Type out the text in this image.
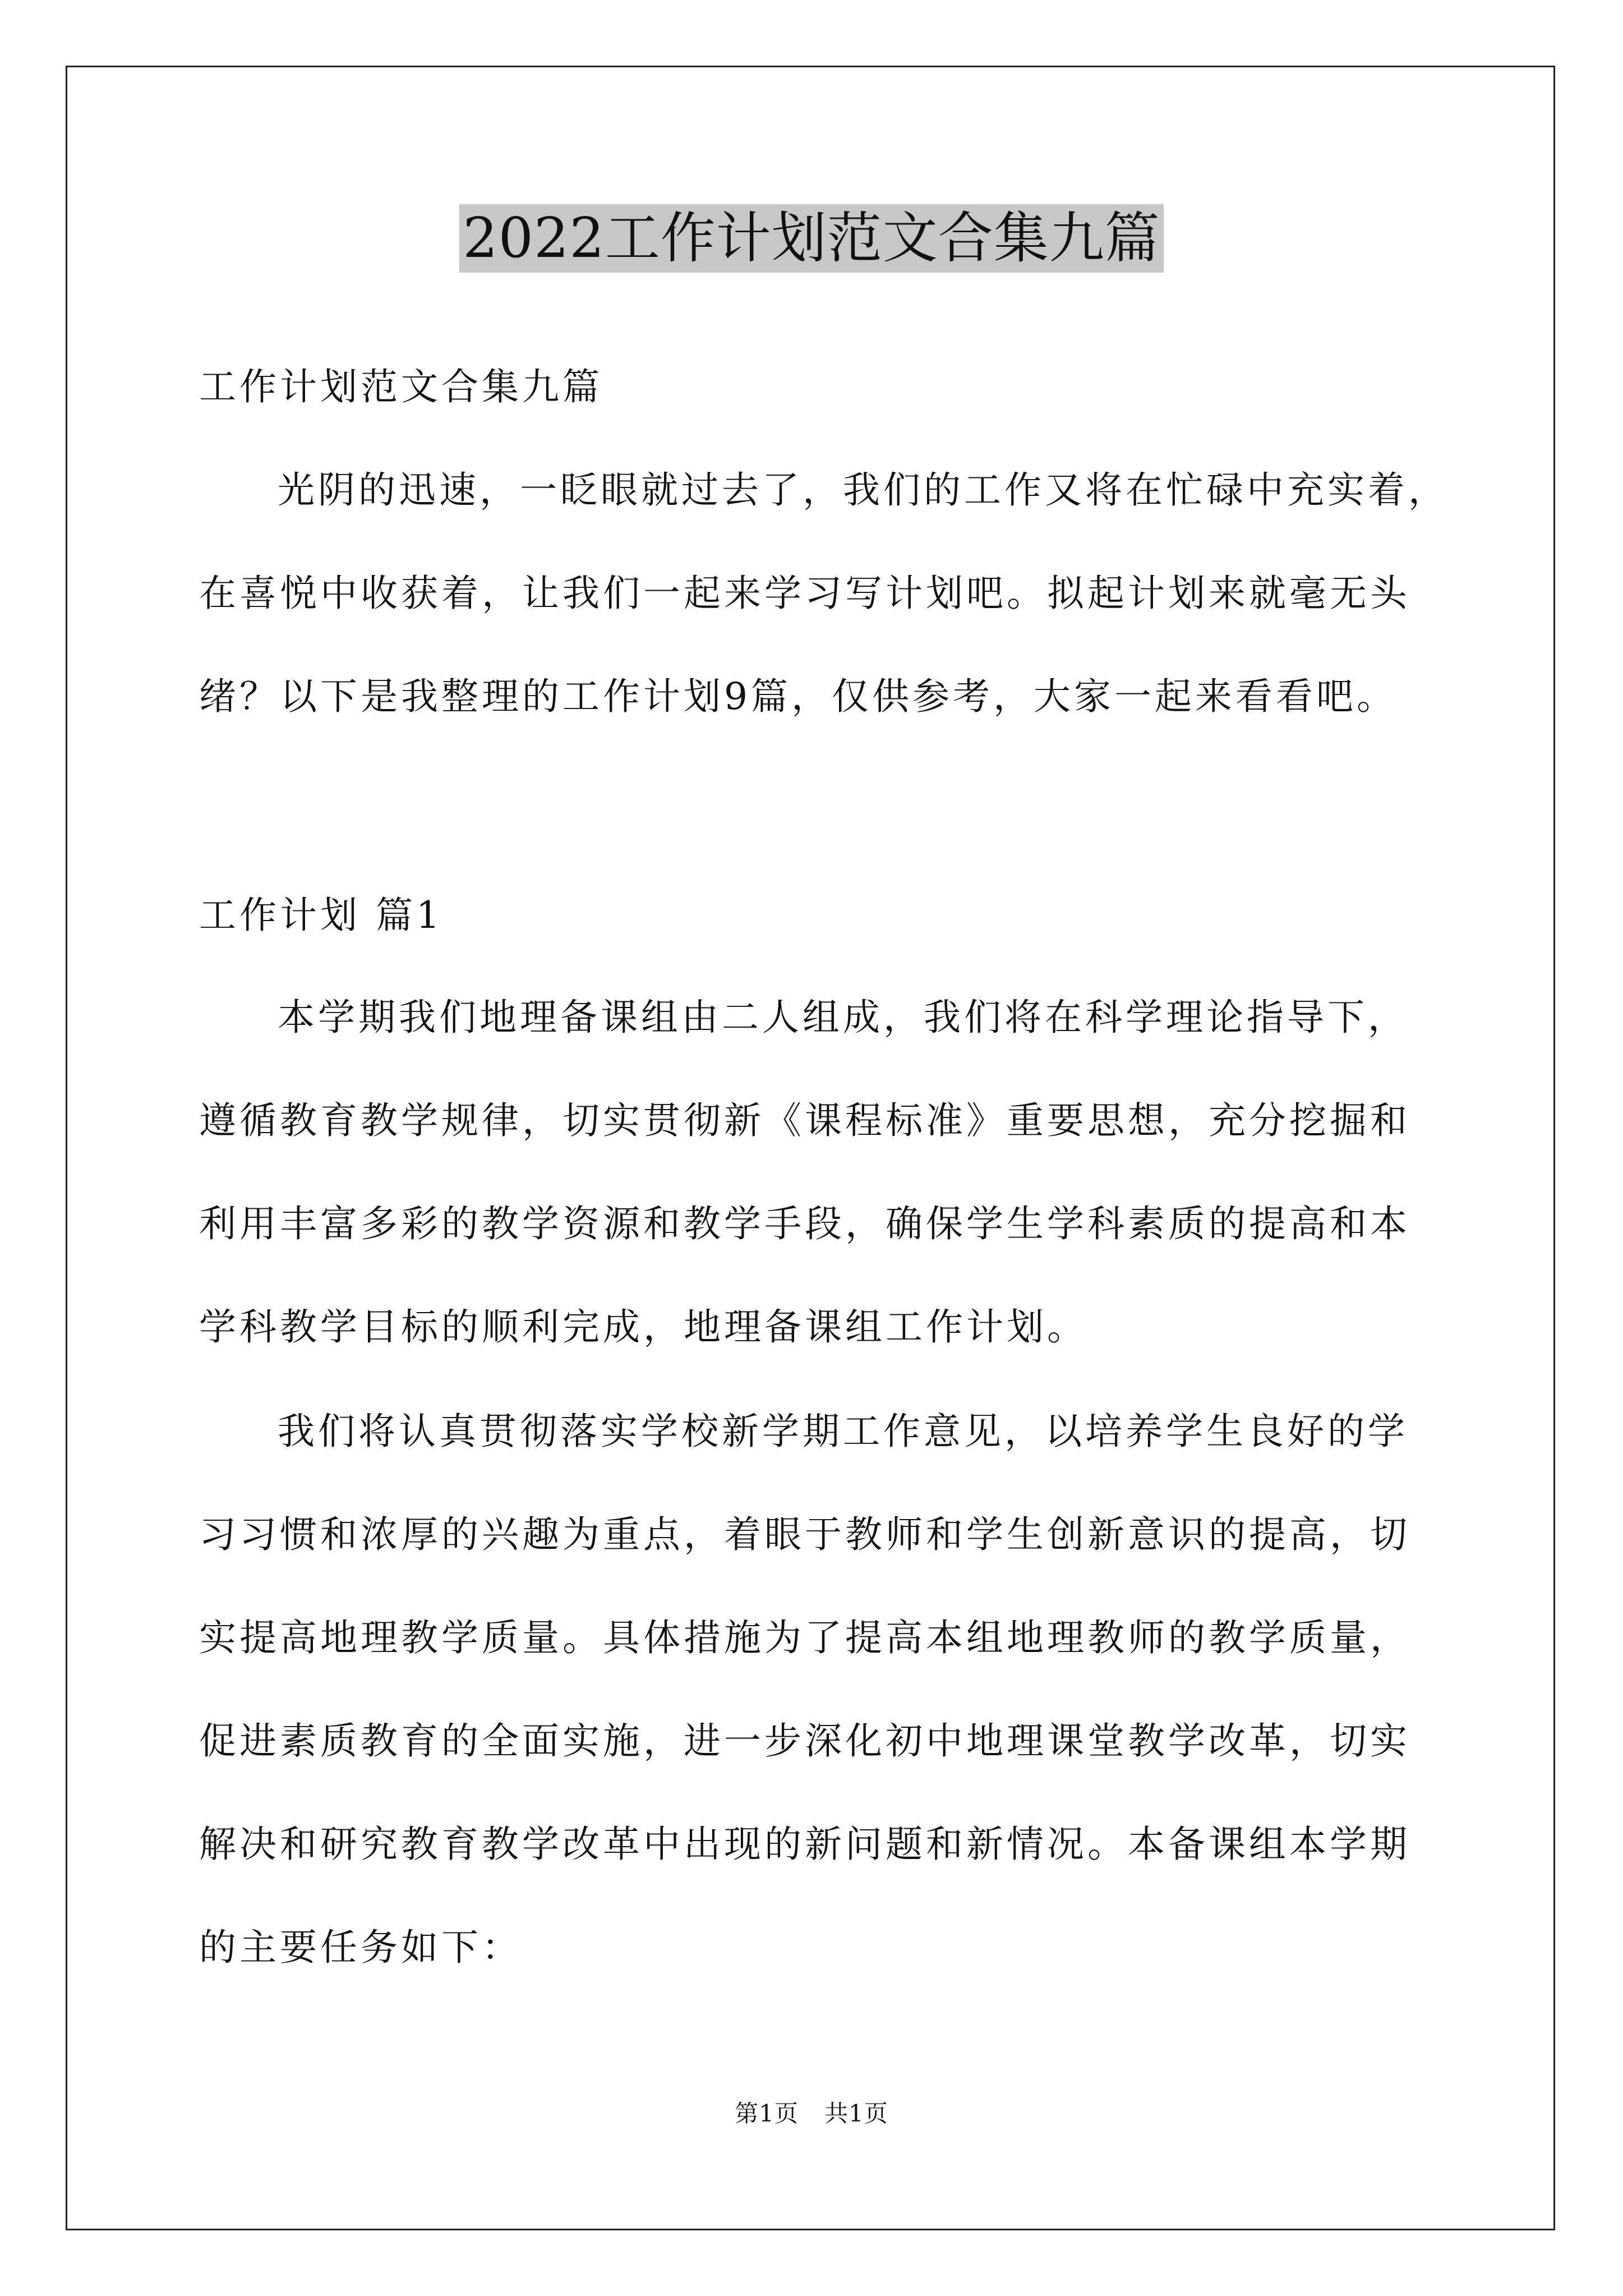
2022工作计划范文合集九篇
工作计划范文合集九篇
光阴的迅速，一眨眼就过去了，我们的工作又将在忙碌中充实着，
在喜悦中收获着，让我们一起来学习写计划吧。拟起计划来就毫无头
绪？以下是我整理的工作计划9篇，仅供参考，大家一起来看看吧。
工作计划 篇1
本学期我们地理备课组由二人组成，我们将在科学理论指导下，
遵循教育教学规律，切实贯彻新《课程标准》重要思想，充分挖掘和
利用丰富多彩的教学资源和教学手段，确保学生学科素质的提高和本
学科教学目标的顺利完成，地理备课组工作计划。
我们将认真贯彻落实学校新学期工作意见，以培养学生良好的学
习习惯和浓厚的兴趣为重点，着眼于教师和学生创新意识的提高，切
实提高地理教学质量。具体措施为了提高本组地理教师的教学质量，
促进素质教育的全面实施，进一步深化初中地理课堂教学改革，切实
解决和研究教育教学改革中出现的新问题和新情况。本备课组本学期
的主要任务如下：
第1页 共1页
